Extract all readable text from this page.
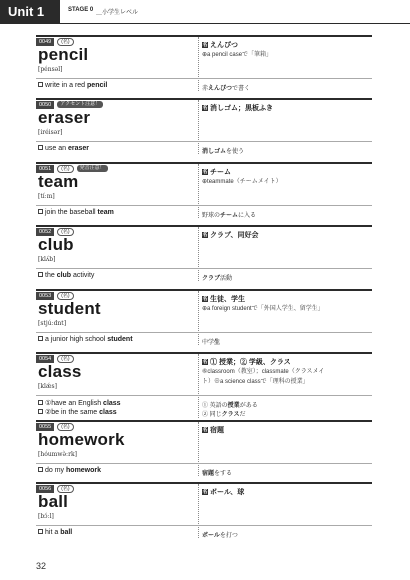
Unit 1	STAGE 0 ＿小学生レベル
0049	(名)
pencil
[pénsəl]
名 えんぴつ
⊕a pencil caseで「筆箱」
write in a red pencil	赤えんぴつで書く
0050	アクセント注意！
eraser
[iréisər]
名 消しゴム；黒板ふき
use an eraser	消しゴムを使う
0051	(名)	発音注意！
team
[tíːm]
名 チーム
⊕teammate（チームメイト）
join the baseball team	野球のチームに入る
0052	(名)
club
[klʌ́b]
名 クラブ、同好会
the club activity	クラブ活動
0053	(名)
student
[stjúːdnt]
名 生徒、学生
⊕a foreign studentで「外国人学生、留学生」
a junior high school student	中学生
0054	(名)
class
[klǽs]
名 ① 授業；② 学級、クラス
⑥classroom（教室）；classmate（クラスメイ
ト）⊕a science classで「理科の授業」
①have an English class	① 英語の授業がある
②be in the same class	② 同じクラスだ
0055	(名)
homework
[hóumwə̀ːrk]
名 宿題
do my homework	宿題をする
0056	(名)
ball
[bɔ́ːl]
名 ボール、球
hit a ball	ボールを打つ
32
